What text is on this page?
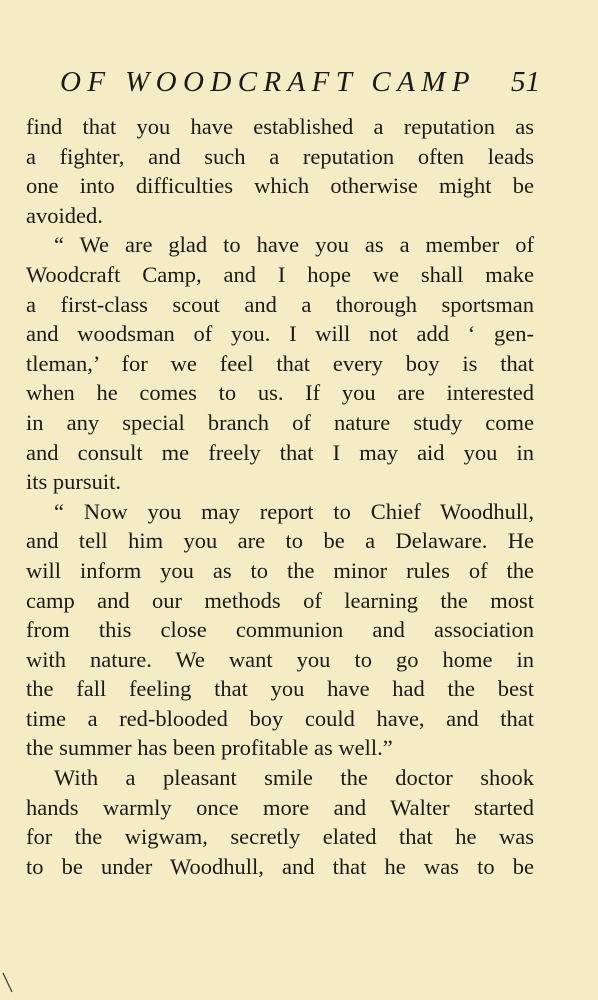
OF WOODCRAFT CAMP 51
find that you have established a reputation as
a fighter, and such a reputation often leads
one into difficulties which otherwise might be
avoided.
“ We are glad to have you as a member of
Woodcraft Camp, and I hope we shall make
a first-class scout and a thorough sportsman
and woodsman of you. I will not add ‘ gen-
tleman,’ for we feel that every boy is that
when he comes to us. If you are interested
in any special branch of nature study come
and consult me freely that I may aid you in
its pursuit.
“ Now you may report to Chief Woodhull,
and tell him you are to be a Delaware. He
will inform you as to the minor rules of the
camp and our methods of learning the most
from this close communion and association
with nature. We want you to go home in
the fall feeling that you have had the best
time a red-blooded boy could have, and that
the summer has been profitable as well.”
With a pleasant smile the doctor shook
hands warmly once more and Walter started
for the wigwam, secretly elated that he was
to be under Woodhull, and that he was to be
